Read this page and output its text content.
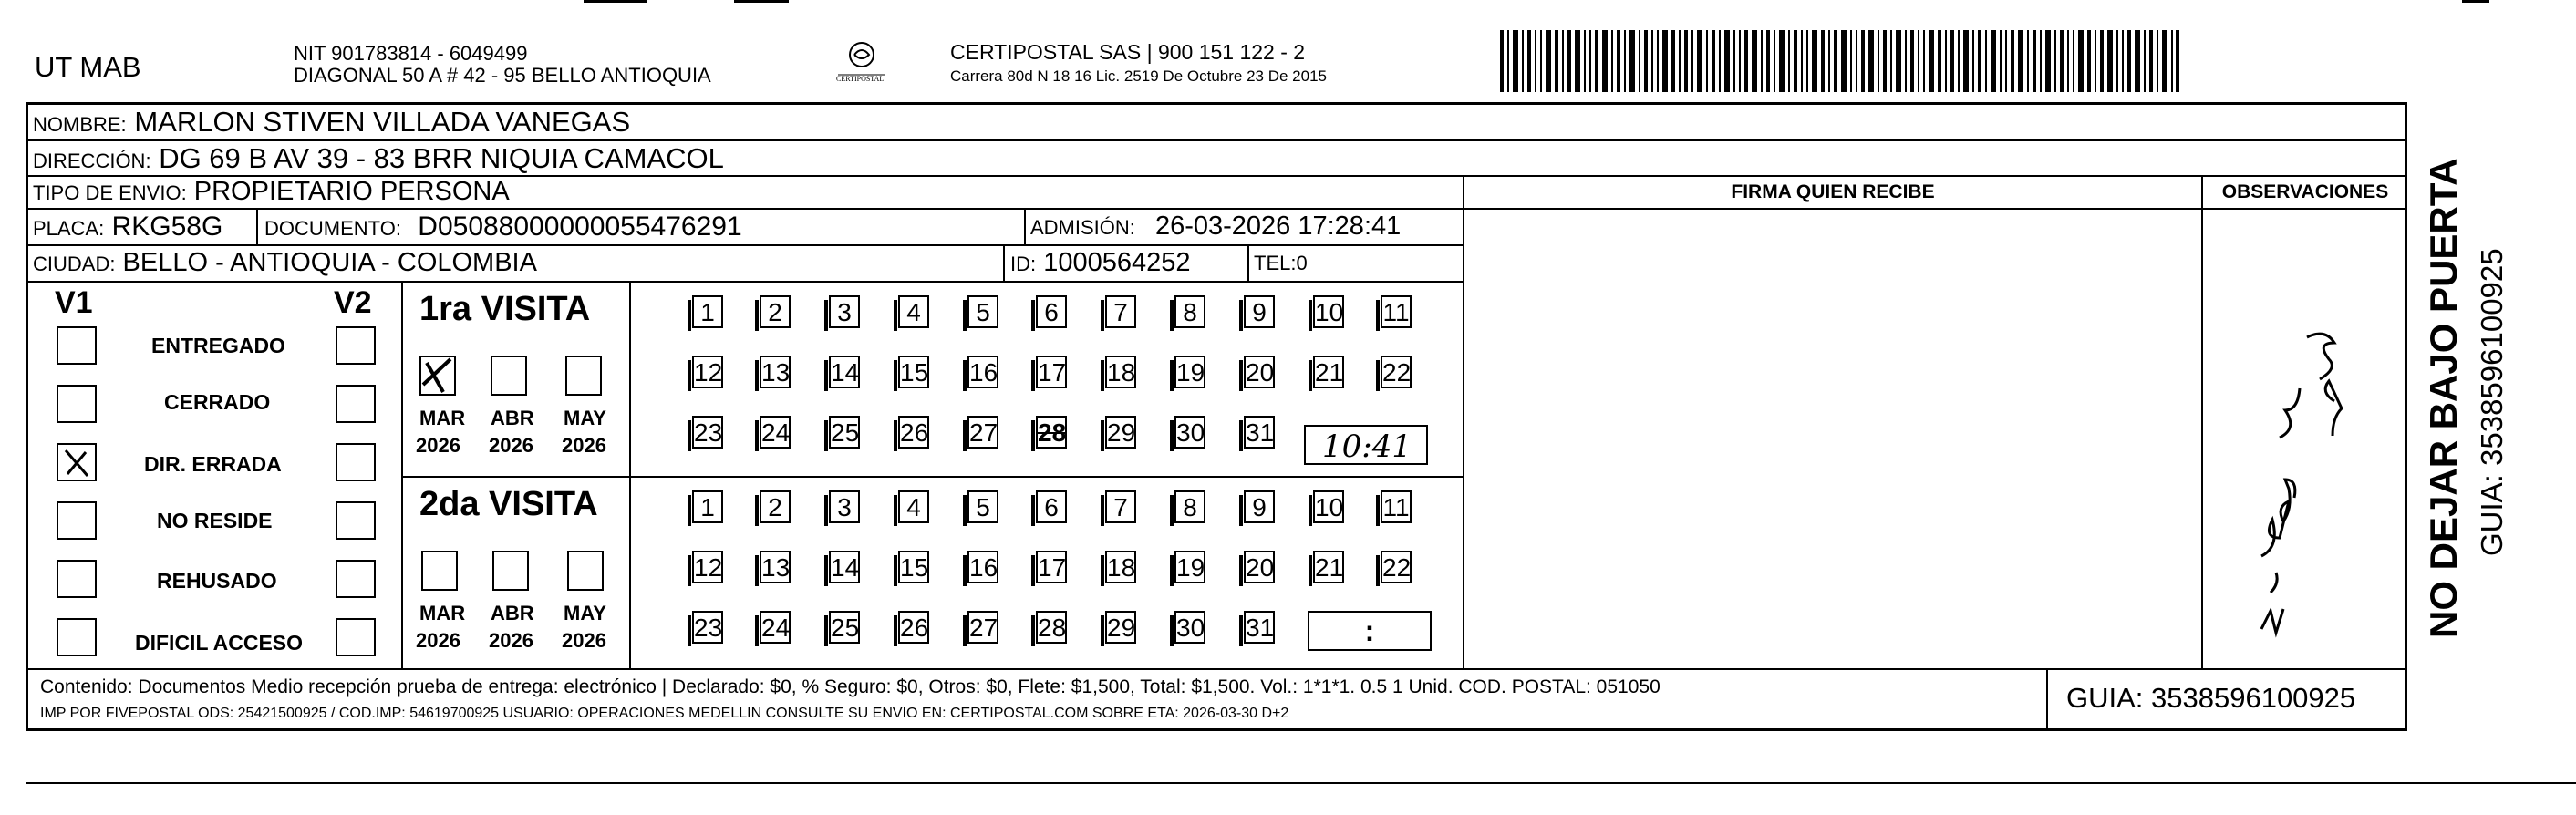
UT MAB	NIT 901783814 - 6049499
DIAGONAL 50 A # 42 - 95 BELLO ANTIOQUIA	CERTIPOSTAL
CERTIPOSTAL SAS | 900 151 122 - 2
Carrera 80d N 18 16 Lic. 2519 De Octubre 23 De 2015
NOMBRE: MARLON STIVEN VILLADA VANEGAS
DIRECCIÓN: DG 69 B AV 39 - 83 BRR NIQUIA CAMACOL
TIPO DE ENVIO: PROPIETARIO PERSONA
PLACA: RKG58G DOCUMENTO: D05088000000055476291	ADMISIÓN: 26-03-2026 17:28:41
CIUDAD: BELLO - ANTIOQUIA - COLOMBIA	ID: 1000564252	TEL:0
FIRMA QUIEN RECIBE	OBSERVACIONES
V1	V2
ENTREGADO
CERRADO
DIR. ERRADA
NO RESIDE
REHUSADO
DIFICIL ACCESO
1ra VISITA
MAR ABR MAY
2026 2026 2026
1	2	3	4	5	6	7	8	9	10 11
12 13 14 15 16 17 18 19 20 21 22
23 24 25 26 27 28 29 30 31 10:41
2da VISITA
MAR ABR MAY
2026 2026 2026
1	2	3	4	5	6	7	8	9	10 11
12 13 14 15 16 17 18 19 20 21 22
23 24 25 26 27 28 29 30 31	:
Contenido: Documentos Medio recepción prueba de entrega: electrónico | Declarado: $0, % Seguro: $0, Otros: $0, Flete: $1,500, Total: $1,500. Vol.: 1*1*1. 0.5 1 Unid. COD. POSTAL: 051050
IMP POR FIVEPOSTAL ODS: 25421500925 / COD.IMP: 54619700925 USUARIO: OPERACIONES MEDELLIN CONSULTE SU ENVIO EN: CERTIPOSTAL.COM SOBRE ETA: 2026-03-30 D+2	GUIA: 3538596100925
NO DEJAR BAJO PUERTA GUIA: 3538596100925
